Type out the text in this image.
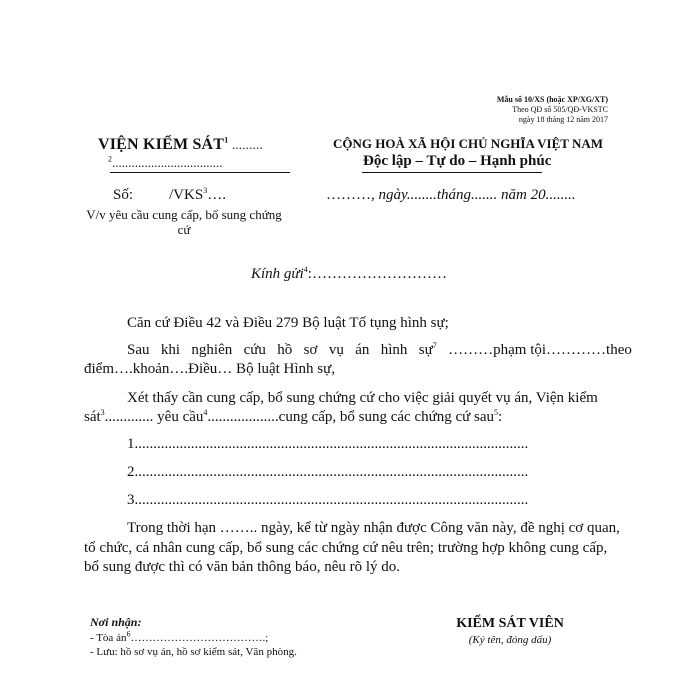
Mẫu số 10/XS (hoặc XP/XG/XT)
Theo QĐ số 505/QĐ-VKSTC
ngày 18 tháng 12 năm 2017
VIỆN KIỂM SÁT$^1$ .........
$^2$..................................
CỘNG HOÀ XÃ HỘI CHỦ NGHĨA VIỆT NAM
Độc lập – Tự do – Hạnh phúc
Số: /VKS$^3$….
V/v yêu cầu cung cấp, bổ sung chứng cứ
………, ngày........tháng....... năm 20........
Kính gửi$^4$:………………………
Căn cứ Điều 42 và Điều 279 Bộ luật Tố tụng hình sự;
Sau khi nghiên cứu hồ sơ vụ án hình sự$^7$ ………phạm tội…………theo
điểm….khoản….Điều… Bộ luật Hình sự,
Xét thấy cần cung cấp, bổ sung chứng cứ cho việc giải quyết vụ án, Viện kiểm
sát$^3$............. yêu cầu$^4$...................cung cấp, bổ sung các chứng cứ sau$^5$:
1.........................................................................................................
2.........................................................................................................
3.........................................................................................................
Trong thời hạn …….. ngày, kể từ ngày nhận được Công văn này, đề nghị cơ quan,
tổ chức, cá nhân cung cấp, bổ sung các chứng cứ nêu trên; trường hợp không cung cấp,
bổ sung được thì có văn bản thông báo, nêu rõ lý do.
Nơi nhận:
- Tòa $án^6\dots\dots\dots\dots\dots\dots\dots\dots\dots\dots\dots\dots$.;
- Lưu: hồ sơ vụ án, hồ sơ kiểm sát, Văn phòng.
KIỂM SÁT VIÊN
(Ký tên, đóng dấu)
